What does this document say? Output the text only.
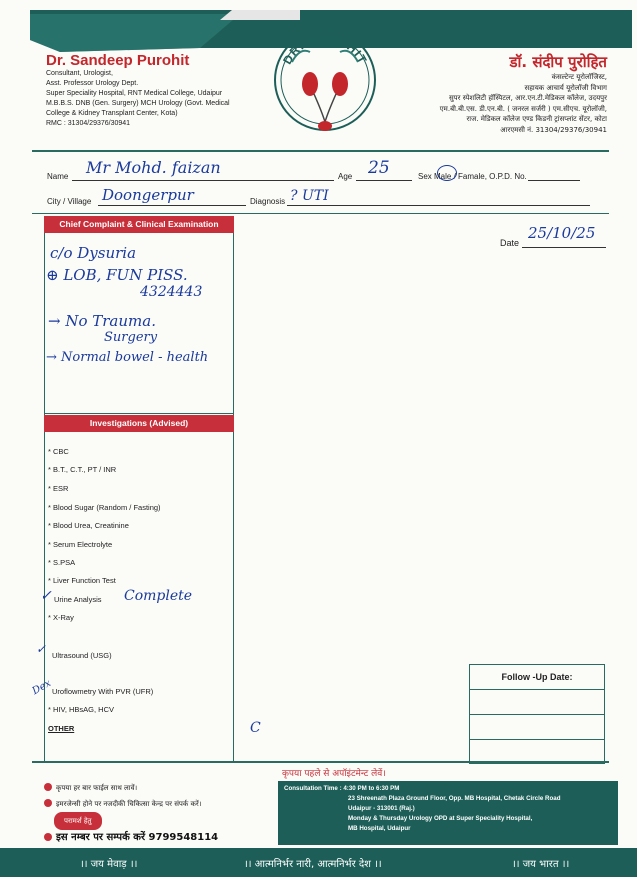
Dr. Sandeep Purohit
Consultant, Urologist,
Asst. Professor Urology Dept.
Super Speciality Hospital, RNT Medical College, Udaipur
M.B.B.S. DNB (Gen. Surgery) MCH Urology (Govt. Medical
College & Kidney Transplant Center, Kota)
RMC : 31304/29376/30941
DR. PUROHIT	डॉ. संदीप पुरोहित
कंसल्टेन्ट यूरोलॉजिस्ट,
सहायक आचार्य यूरोलॉजी विभाग
सुपर स्पेशलिटी हॉस्पिटल, आर.एन.टी.मेडिकल कॉलेज, उदयपुर
एम.बी.बी.एस. डी.एन.बी. ( जनरल सर्जरी ) एम.सीएच. यूरोलॉजी,
राज. मेडिकल कॉलेज एण्ड किडनी ट्रांसप्लांट सेंटर, कोटा
आरएमसी नं. 31304/29376/30941
Name Mr Mohd. faizan	Age 25	Sex Male / Famale, O.P.D. No.
City / Village Doongerpur	Diagnosis ? UTI
Date
25/10/25
Chief Complaint & Clinical Examination
c/o Dysuria
⊕ LOB, FUN PISS.
4324443
→ No Trauma.
Surgery
→ Normal bowel - health
Investigations (Advised)
* CBC
* B.T., C.T., PT / INR
* ESR
* Blood Sugar (Random / Fasting)
* Blood Urea, Creatinine
* Serum Electrolyte
* S.PSA
* Liver Function Test
Urine Analysis
* X-Ray
Ultrasound (USG)
Uroflowmetry With PVR (UFR)
* HIV, HBsAG, HCV
OTHER
✓
✓
Complete
Dex
C
Follow -Up Date:
कृपया पहले से अपॉइंटमेन्ट लेवें।
कृपया हर बार फाईल साथ लावें।
इमरजेन्सी होने पर नजदीकी चिकित्सा केन्द्र पर संपर्क करें।
परामर्श हेतु
इस नम्बर पर सम्पर्क करें 9799548114
Consultation Time : 4:30 PM to 6:30 PM
23 Shreenath Plaza Ground Floor, Opp. MB Hospital, Chetak Circle Road
Udaipur - 313001 (Raj.)
Monday & Thursday Urology OPD at Super Speciality Hospital,
MB Hospital, Udaipur
।। जय मेवाड़ ।।	।। आत्मनिर्भर नारी, आत्मनिर्भर देश ।।	।। जय भारत ।।
